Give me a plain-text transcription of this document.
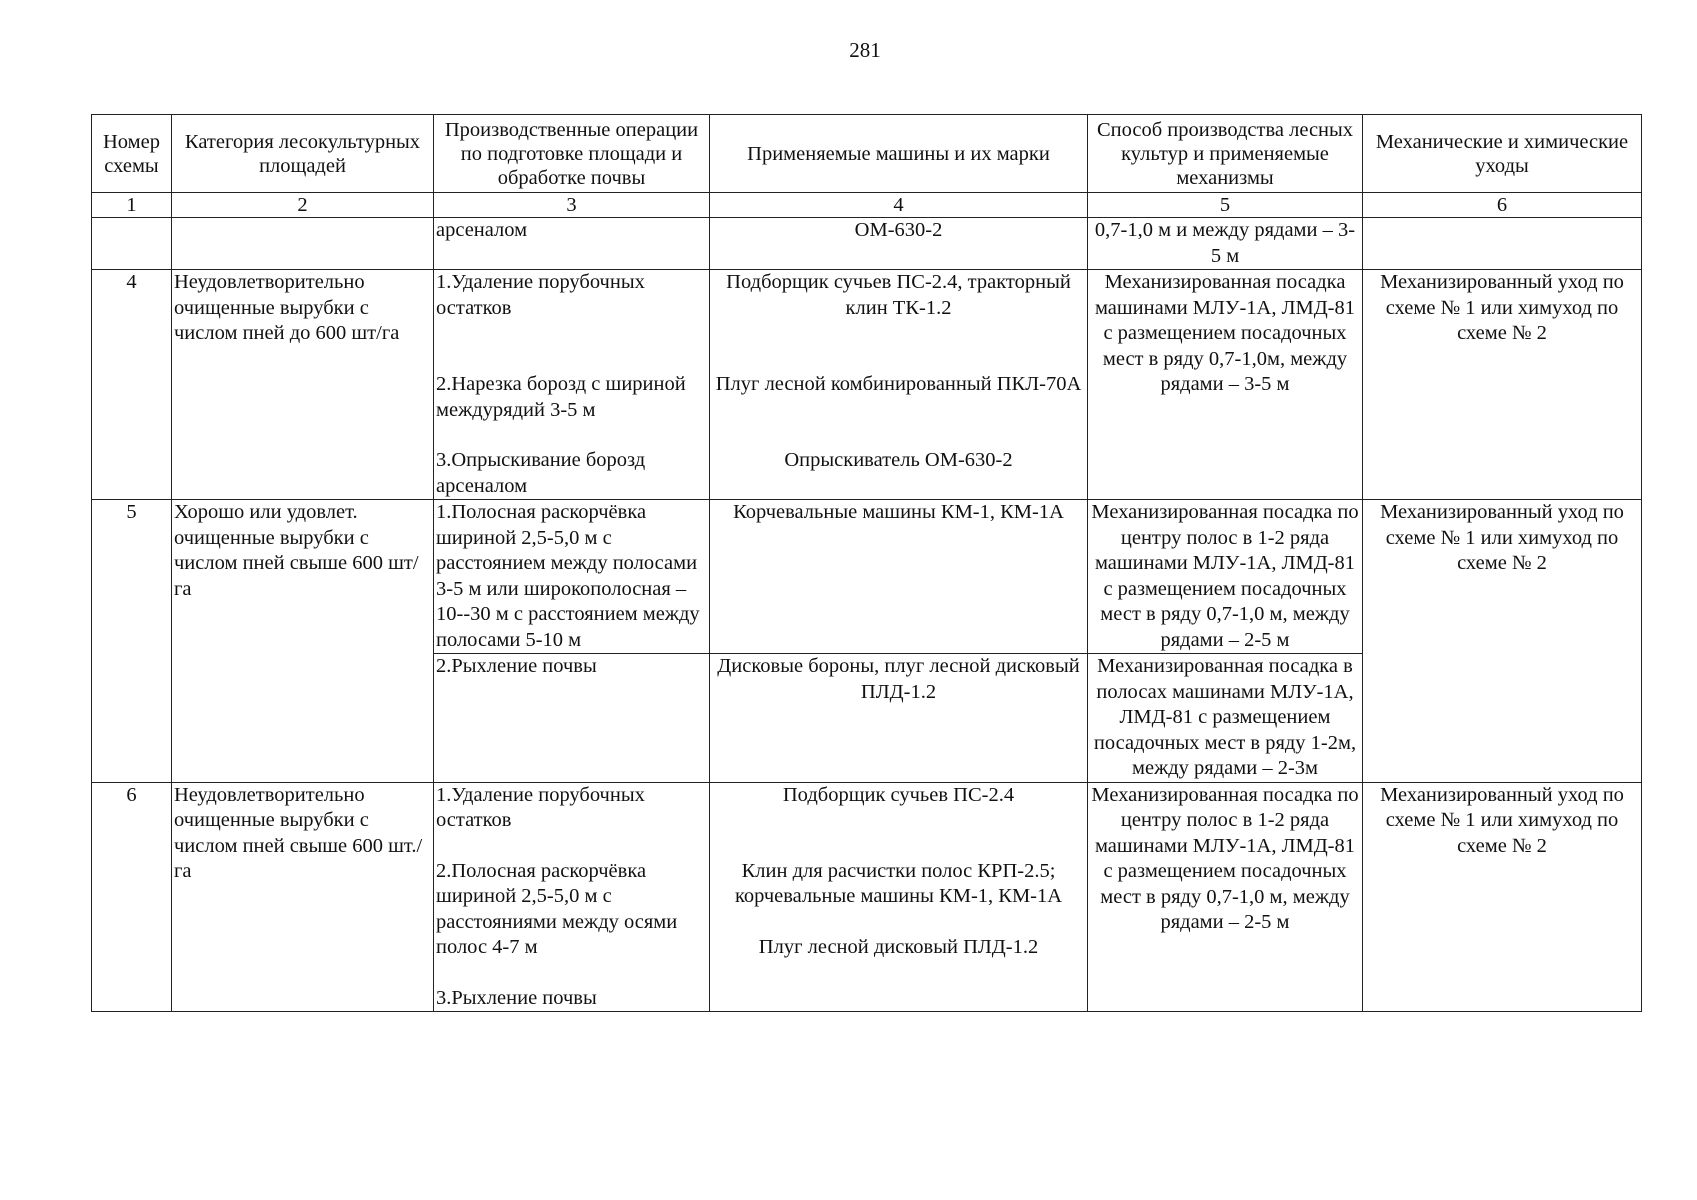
281
Номер схемы	Категория лесокультурных площадей	Производственные операции по подготовке площади и обработке почвы	Применяемые машины и их марки	Способ производства лесных культур и применяемые механизмы	Механические и химические уходы
1	2	3	4	5	6
		арсеналом	ОМ-630-2	0,7-1,0 м и между рядами – 3-5 м	
4	Неудовлетворительно очищенные вырубки с числом пней до 600 шт/га	1.Удаление порубочных остатков
2.Нарезка борозд с шириной междурядий 3-5 м
3.Опрыскивание борозд арсеналом	Подборщик сучьев ПС-2.4, тракторный клин ТК-1.2
Плуг лесной комбинированный ПКЛ-70А
Опрыскиватель ОМ-630-2	Механизированная посадка машинами МЛУ-1А, ЛМД-81 с размещением посадочных мест в ряду 0,7-1,0м, между рядами – 3-5 м	Механизированный уход по схеме № 1 или химуход по схеме № 2
5	Хорошо или удовлет. очищенные вырубки с числом пней свыше 600 шт/га	1.Полосная раскорчёвка шириной 2,5-5,0 м с расстоянием между полосами 3-5 м или широкополосная – 10--30 м с расстоянием между полосами 5-10 м	Корчевальные машины КМ-1, КМ-1А	Механизированная посадка по центру полос в 1-2 ряда машинами МЛУ-1А, ЛМД-81 с размещением посадочных мест в ряду 0,7-1,0 м, между рядами – 2-5 м	Механизированный уход по схеме № 1 или химуход по схеме № 2
		2.Рыхление почвы	Дисковые бороны, плуг лесной дисковый ПЛД-1.2	Механизированная посадка в полосах машинами МЛУ-1А, ЛМД-81 с размещением посадочных мест в ряду 1-2м, между рядами – 2-3м	
6	Неудовлетворительно очищенные вырубки с числом пней свыше 600 шт./га	1.Удаление порубочных остатков
2.Полосная раскорчёвка шириной 2,5-5,0 м с расстояниями между осями полос 4-7 м
3.Рыхление почвы	Подборщик сучьев ПС-2.4
Клин для расчистки полос КРП-2.5; корчевальные машины КМ-1, КМ-1А
Плуг лесной дисковый ПЛД-1.2	Механизированная посадка по центру полос в 1-2 ряда машинами МЛУ-1А, ЛМД-81 с размещением посадочных мест в ряду 0,7-1,0 м, между рядами – 2-5 м	Механизированный уход по схеме № 1 или химуход по схеме № 2
